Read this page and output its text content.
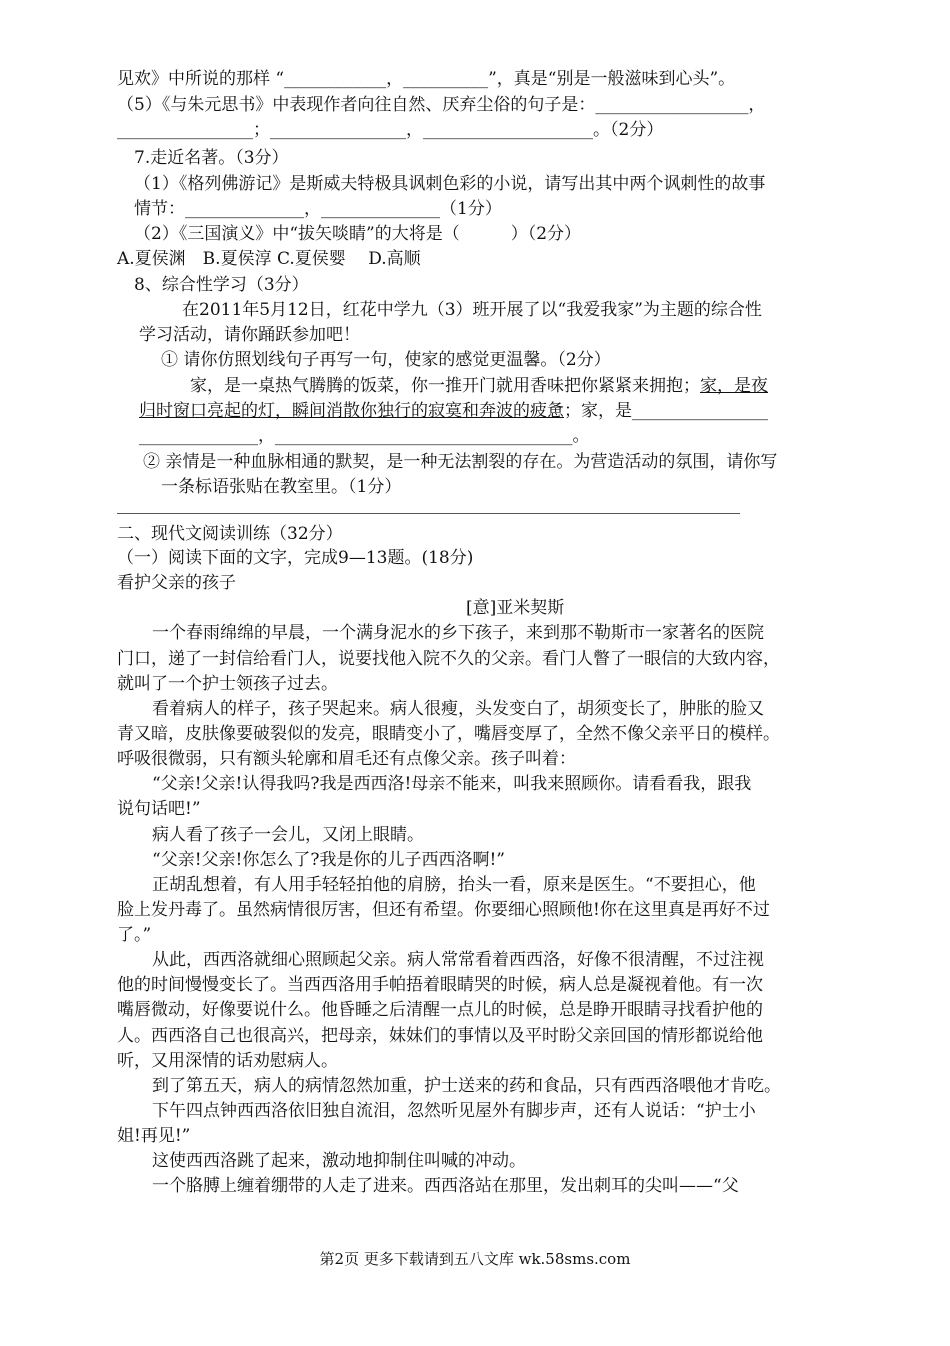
见欢》中所说的那样 “____________，__________”，真是“别是一般滋味到心头”。
（5）《与朱元思书》中表现作者向往自然、厌弃尘俗的句子是：__________________，
________________；________________，____________________。（2分）
7.走近名著。（3分）
（1）《格列佛游记》是斯威夫特极具讽刺色彩的小说，请写出其中两个讽刺性的故事
情节：______________，______________（1分）
（2）《三国演义》中“拔矢啖睛”的大将是（　　　）（2分）
A.夏侯渊　B.夏侯淳 C.夏侯婴　 D.高顺
8、综合性学习（3分）
在2011年5月12日，红花中学九（3）班开展了以“我爱我家”为主题的综合性
学习活动，请你踊跃参加吧！
① 请你仿照划线句子再写一句，使家的感觉更温馨。（2分）
家，是一桌热气腾腾的饭菜，你一推开门就用香味把你紧紧来拥抱；家，是夜
归时窗口亮起的灯，瞬间消散你独行的寂寞和奔波的疲惫；家，是________________
______________，___________________________________。
② 亲情是一种血脉相通的默契，是一种无法割裂的存在。为营造活动的氛围，请你写
一条标语张贴在教室里。（1分）
二、现代文阅读训练（32分）
（一）阅读下面的文字，完成9—13题。(18分)
看护父亲的孩子
[意]亚米契斯
一个春雨绵绵的早晨，一个满身泥水的乡下孩子，来到那不勒斯市一家著名的医院
门口，递了一封信给看门人，说要找他入院不久的父亲。看门人瞥了一眼信的大致内容，
就叫了一个护士领孩子过去。
看着病人的样子，孩子哭起来。病人很瘦，头发变白了，胡须变长了，肿胀的脸又
青又暗，皮肤像要破裂似的发亮，眼睛变小了，嘴唇变厚了，全然不像父亲平日的模样。
呼吸很微弱，只有额头轮廓和眉毛还有点像父亲。孩子叫着：
“父亲!父亲!认得我吗?我是西西洛!母亲不能来，叫我来照顾你。请看看我，跟我
说句话吧!”
病人看了孩子一会儿，又闭上眼睛。
“父亲!父亲!你怎么了?我是你的儿子西西洛啊!”
正胡乱想着，有人用手轻轻拍他的肩膀，抬头一看，原来是医生。“不要担心，他
脸上发丹毒了。虽然病情很厉害，但还有希望。你要细心照顾他!你在这里真是再好不过
了。”
从此，西西洛就细心照顾起父亲。病人常常看着西西洛，好像不很清醒，不过注视
他的时间慢慢变长了。当西西洛用手帕捂着眼睛哭的时候，病人总是凝视着他。有一次
嘴唇微动，好像要说什么。他昏睡之后清醒一点儿的时候，总是睁开眼睛寻找看护他的
人。西西洛自己也很高兴，把母亲，妹妹们的事情以及平时盼父亲回国的情形都说给他
听，又用深情的话劝慰病人。
到了第五天，病人的病情忽然加重，护士送来的药和食品，只有西西洛喂他才肯吃。
下午四点钟西西洛依旧独自流泪，忽然听见屋外有脚步声，还有人说话：“护士小
姐!再见!”
这使西西洛跳了起来，激动地抑制住叫喊的冲动。
一个胳膊上缠着绷带的人走了进来。西西洛站在那里，发出刺耳的尖叫——“父
第2页 更多下载请到五八文库 wk.58sms.com
